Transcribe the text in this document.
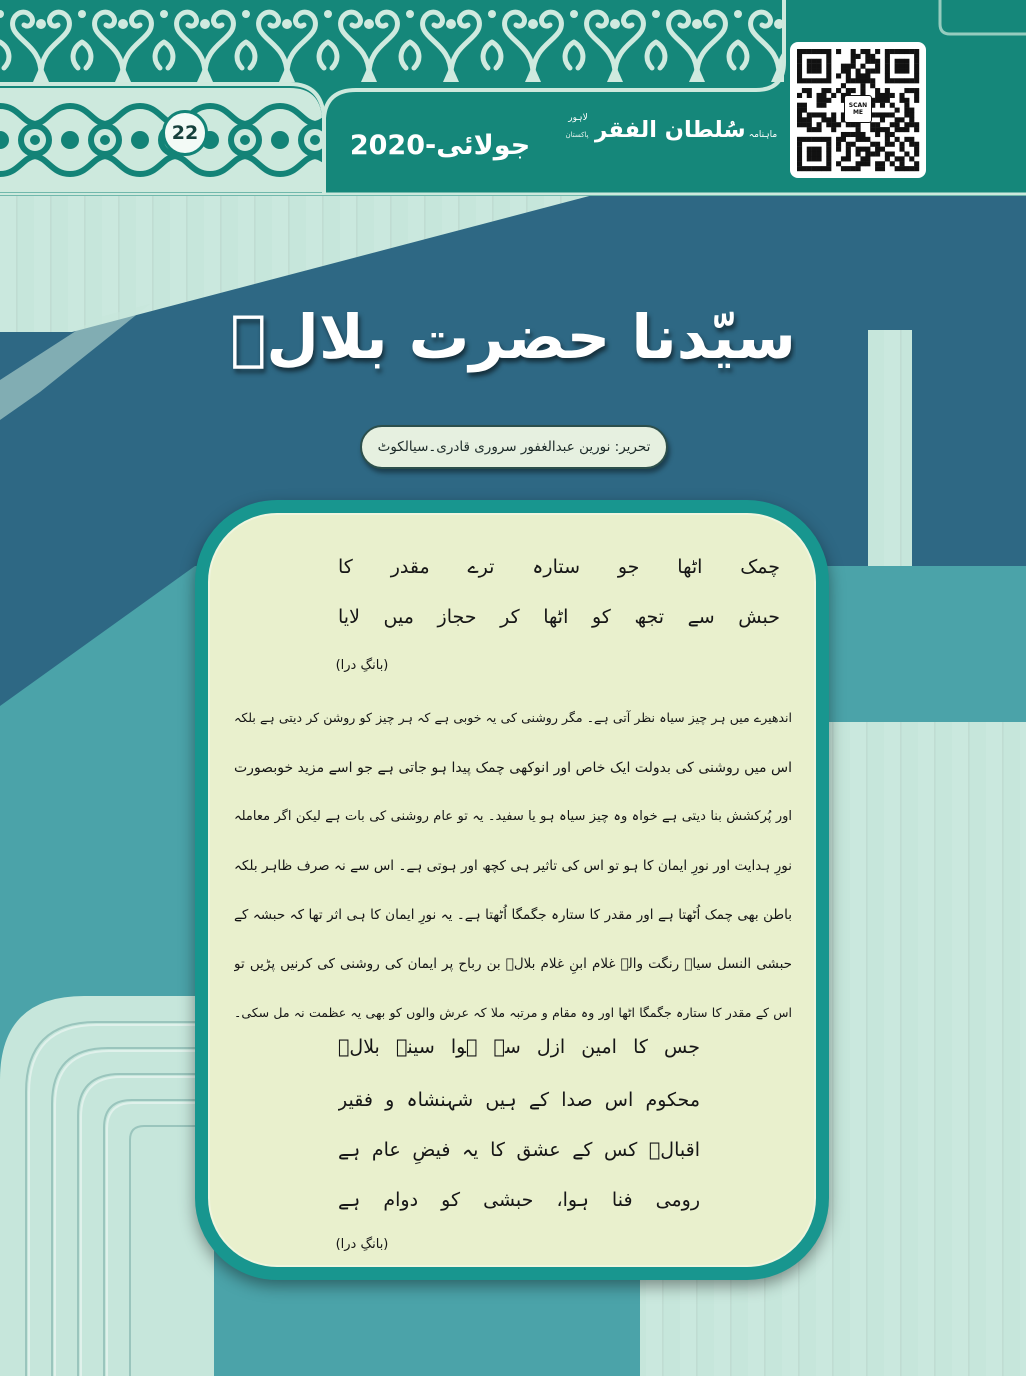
22	جولائی-2020	ماہنامہ
سُلطان الفقر
لاہور
پاکستان
SCAN ME
سیّدنا حضرت بلالؓ
تحریر: نورین عبدالغفور سروری قادری۔سیالکوٹ
چمک اٹھا جو ستارہ ترے مقدر کا
حبش سے تجھ کو اٹھا کر حجاز میں لایا
(بانگِ درا)
اندھیرے میں ہر چیز سیاہ نظر آتی ہے۔ مگر روشنی کی یہ خوبی ہے کہ ہر چیز کو روشن کر دیتی ہے بلکہ
اس میں روشنی کی بدولت ایک خاص اور انوکھی چمک پیدا ہو جاتی ہے جو اسے مزید خوبصورت
اور پُرکشش بنا دیتی ہے خواہ وہ چیز سیاہ ہو یا سفید۔ یہ تو عام روشنی کی بات ہے لیکن اگر معاملہ
نورِ ہدایت اور نورِ ایمان کا ہو تو اس کی تاثیر ہی کچھ اور ہوتی ہے۔ اس سے نہ صرف ظاہر بلکہ
باطن بھی چمک اُٹھتا ہے اور مقدر کا ستارہ جگمگا اُٹھتا ہے۔ یہ نورِ ایمان کا ہی اثر تھا کہ حبشہ کے
حبشی النسل سیاہ رنگت والے غلام ابنِ غلام بلالؓ بن رباح پر ایمان کی روشنی کی کرنیں پڑیں تو
اس کے مقدر کا ستارہ جگمگا اٹھا اور وہ مقام و مرتبہ ملا کہ عرش والوں کو بھی یہ عظمت نہ مل سکی۔
جس کا امین ازل سے ہوا سینۂ بلالؓ
محکوم اس صدا کے ہیں شہنشاہ و فقیر
اقبالؔ کس کے عشق کا یہ فیضِ عام ہے
رومی فنا ہوا، حبشی کو دوام ہے
(بانگِ درا)
